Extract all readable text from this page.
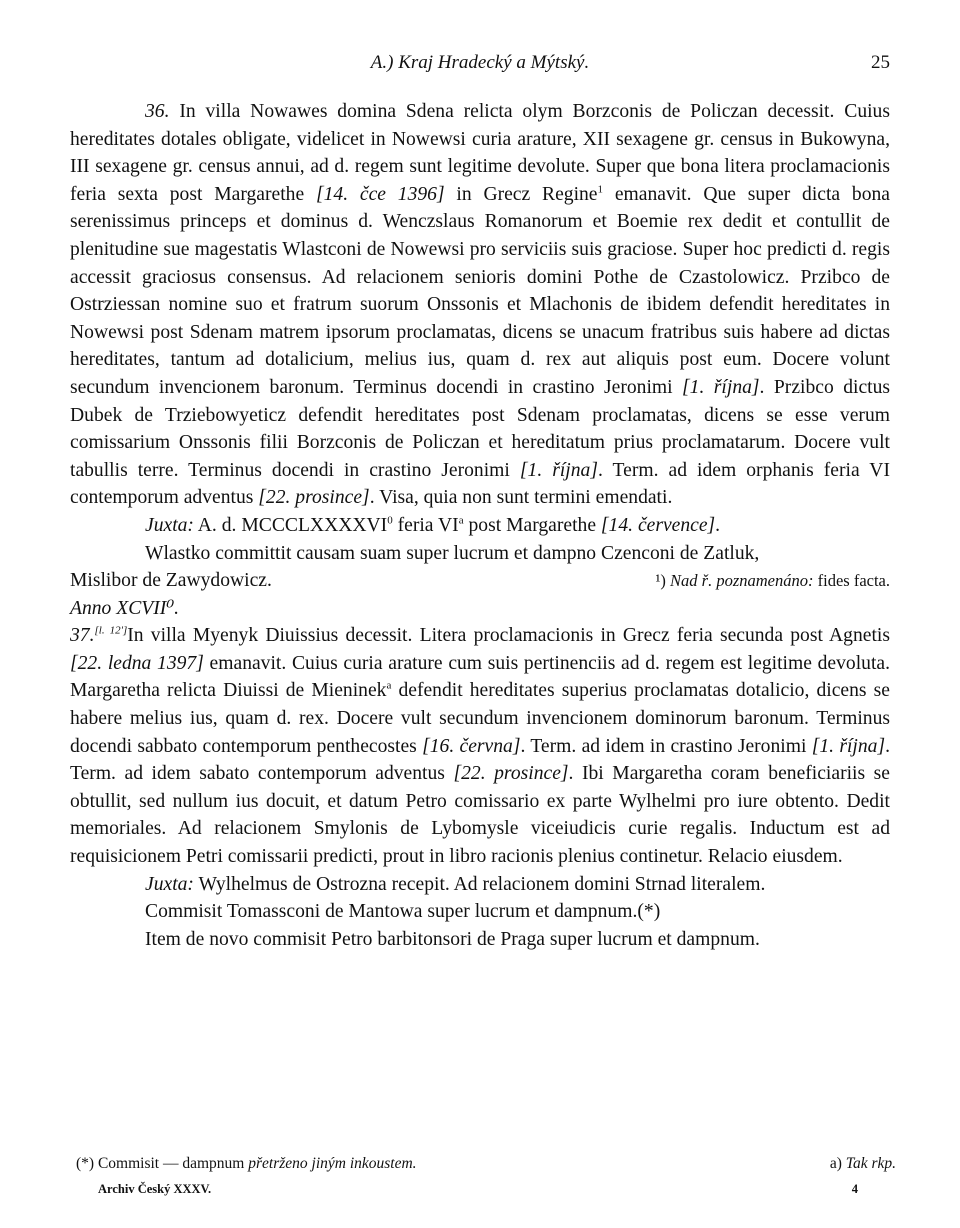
A.) Kraj Hradecký a Mýtský.	25

36. In villa Nowawes domina Sdena relicta olym Borzconis de Policzan decessit. Cuius hereditates dotales obligate, videlicet in Nowewsi curia arature, XII sexagene gr. census in Bukowyna, III sexagene gr. census annui, ad d. regem sunt legitime devolute. Super que bona litera proclamacionis feria sexta post Margarethe [14. čce 1396] in Grecz Regine$^1$ emanavit. Que super dicta bona serenissimus princeps et dominus d. Wenczslaus Romanorum et Boemie rex dedit et contullit de plenitudine sue magestatis Wlastconi de Nowewsi pro serviciis suis graciose. Super hoc predicti d. regis accessit graciosus consensus. Ad relacionem senioris domini Pothe de Czastolowicz. Przibco de Ostrziessan nomine suo et fratrum suorum Onssonis et Mlachonis de ibidem defendit hereditates in Nowewsi post Sdenam matrem ipsorum proclamatas, dicens se unacum fratribus suis habere ad dictas hereditates, tantum ad dotalicium, melius ius, quam d. rex aut aliquis post eum. Docere volunt secundum invencionem baronum. Terminus docendi in crastino Jeronimi [1. října]. Przibco dictus Dubek de Trziebowyeticz defendit hereditates post Sdenam proclamatas, dicens se esse verum comissarium Onssonis filii Borzconis de Policzan et hereditatum prius proclamatarum. Docere vult tabullis terre. Terminus docendi in crastino Jeronimi [1. října]. Term. ad idem orphanis feria VI contemporum adventus [22. prosince]. Visa, quia non sunt termini emendati.

Juxta: A. d. MCCCLXXXXVI$^0$ feria $VI^a$ post Margarethe [14. července].

Wlastko committit causam suam super lucrum et dampno Czenconi de Zatluk,

Mislibor de Zawydowicz.	¹) Nad ř. poznamenáno: fides facta.

Anno XCVII⁰.

37.[l. 12']In villa Myenyk Diuissius decessit. Litera proclamacionis in Grecz feria secunda post Agnetis [22. ledna 1397] emanavit. Cuius curia arature cum suis pertinenciis ad d. regem est legitime devoluta. Margaretha relicta Diuissi de Mieninek$^a$ defendit hereditates superius proclamatas dotalicio, dicens se habere melius ius, quam d. rex. Docere vult secundum invencionem dominorum baronum. Terminus docendi sabbato contemporum penthecostes [16. června]. Term. ad idem in crastino Jeronimi [1. října]. Term. ad idem sabato contemporum adventus [22. prosince]. Ibi Margaretha coram beneficiariis se obtullit, sed nullum ius docuit, et datum Petro comissario ex parte Wylhelmi pro iure obtento. Dedit memoriales. Ad relacionem Smylonis de Lybomysle viceiudicis curie regalis. Inductum est ad requisicionem Petri comissarii predicti, prout in libro racionis plenius continetur. Relacio eiusdem.

Juxta: Wylhelmus de Ostrozna recepit. Ad relacionem domini Strnad literalem.

Commisit Tomassconi de Mantowa super lucrum et dampnum.(*)

Item de novo commisit Petro barbitonsori de Praga super lucrum et dampnum.

(*) Commisit — dampnum přetrženo jiným inkoustem.	a) Tak rkp.
Archiv Český XXXV.	4
